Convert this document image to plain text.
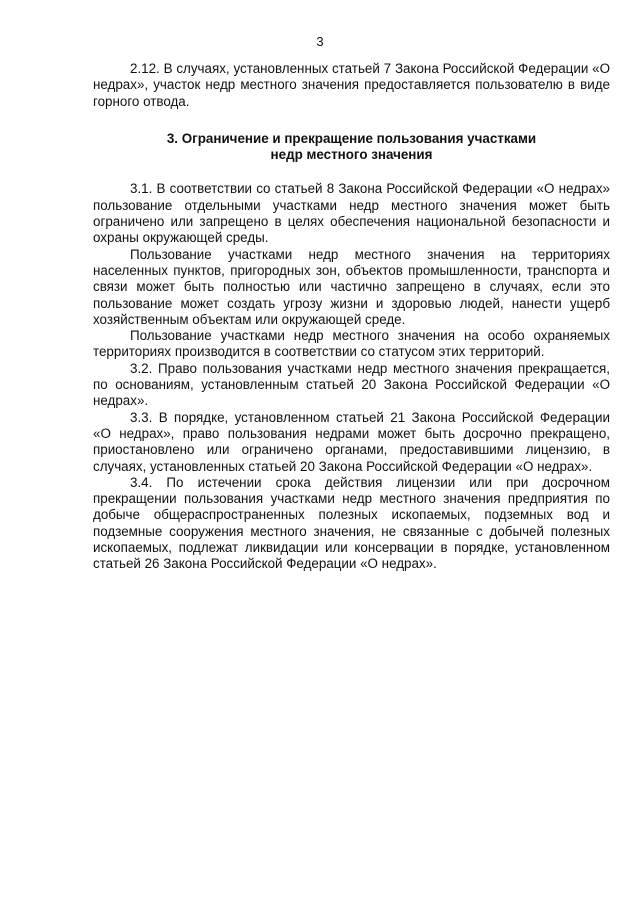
3

2.12. В случаях, установленных статьей 7 Закона Российской Федерации «О недрах», участок недр местного значения предоставляется пользователю в виде горного отвода.

3. Ограничение и прекращение пользования участками
недр местного значения

3.1. В соответствии со статьей 8 Закона Российской Федерации «О недрах» пользование отдельными участками недр местного значения может быть ограничено или запрещено в целях обеспечения национальной безопасности и охраны окружающей среды.

Пользование участками недр местного значения на территориях населенных пунктов, пригородных зон, объектов промышленности, транспорта и связи может быть полностью или частично запрещено в случаях, если это пользование может создать угрозу жизни и здоровью людей, нанести ущерб хозяйственным объектам или окружающей среде.

Пользование участками недр местного значения на особо охраняемых территориях производится в соответствии со статусом этих территорий.

3.2. Право пользования участками недр местного значения прекращается, по основаниям, установленным статьей 20 Закона Российской Федерации «О недрах».

3.3. В порядке, установленном статьей 21 Закона Российской Федерации «О недрах», право пользования недрами может быть досрочно прекращено, приостановлено или ограничено органами, предоставившими лицензию, в случаях, установленных статьей 20 Закона Российской Федерации «О недрах».

3.4. По истечении срока действия лицензии или при досрочном прекращении пользования участками недр местного значения предприятия по добыче общераспространенных полезных ископаемых, подземных вод и подземные сооружения местного значения, не связанные с добычей полезных ископаемых, подлежат ликвидации или консервации в порядке, установленном статьей 26 Закона Российской Федерации «О недрах».
